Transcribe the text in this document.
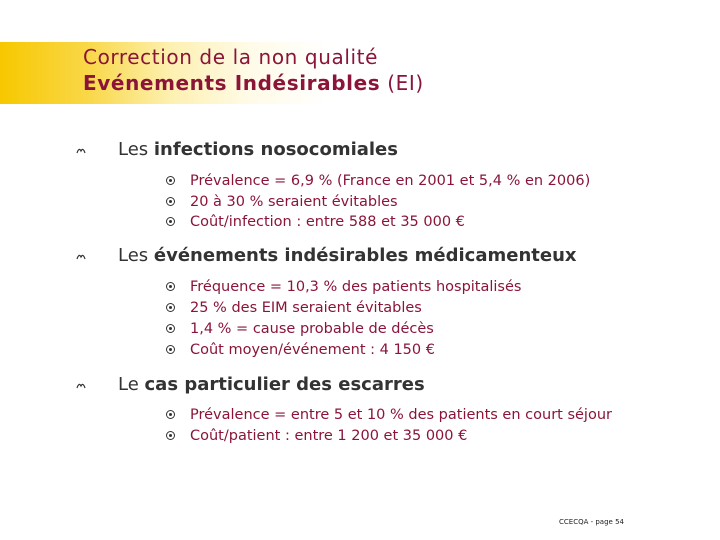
Correction de la non qualité
Evénements Indésirables (EI)
Les infections nosocomiales
Prévalence = 6,9 % (France en 2001 et 5,4 % en 2006)
20 à 30 % seraient évitables
Coût/infection : entre 588 et 35 000 €
Les événements indésirables médicamenteux
Fréquence = 10,3 % des patients hospitalisés
25 % des EIM seraient évitables
1,4 % = cause probable de décès
Coût moyen/événement : 4 150 €
Le cas particulier des escarres
Prévalence = entre 5 et 10 % des patients en court séjour
Coût/patient : entre 1 200 et 35 000 €
CCECQA - page 54
